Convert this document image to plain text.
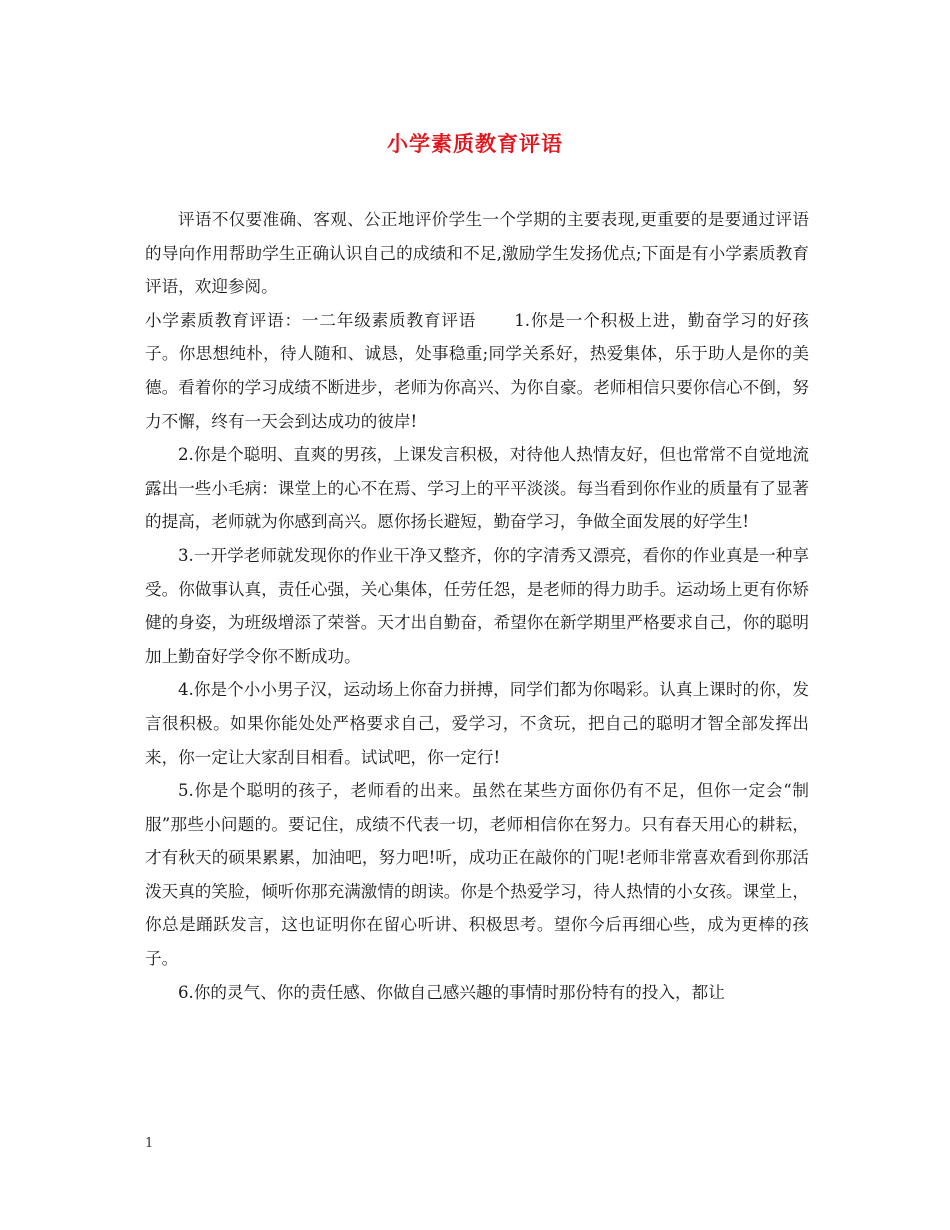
小学素质教育评语

评语不仅要准确、客观、公正地评价学生一个学期的主要表现,更重要的是要通过评语的导向作用帮助学生正确认识自己的成绩和不足,激励学生发扬优点;下面是有小学素质教育评语，欢迎参阅。

小学素质教育评语：一二年级素质教育评语 1.你是一个积极上进，勤奋学习的好孩子。你思想纯朴，待人随和、诚恳，处事稳重;同学关系好，热爱集体，乐于助人是你的美德。看着你的学习成绩不断进步，老师为你高兴、为你自豪。老师相信只要你信心不倒，努力不懈，终有一天会到达成功的彼岸!

2.你是个聪明、直爽的男孩，上课发言积极，对待他人热情友好，但也常常不自觉地流露出一些小毛病：课堂上的心不在焉、学习上的平平淡淡。每当看到你作业的质量有了显著的提高，老师就为你感到高兴。愿你扬长避短，勤奋学习，争做全面发展的好学生!

3.一开学老师就发现你的作业干净又整齐，你的字清秀又漂亮，看你的作业真是一种享受。你做事认真，责任心强，关心集体，任劳任怨，是老师的得力助手。运动场上更有你矫健的身姿，为班级增添了荣誉。天才出自勤奋，希望你在新学期里严格要求自己，你的聪明加上勤奋好学令你不断成功。

4.你是个小小男子汉，运动场上你奋力拼搏，同学们都为你喝彩。认真上课时的你，发言很积极。如果你能处处严格要求自己，爱学习，不贪玩，把自己的聪明才智全部发挥出来，你一定让大家刮目相看。试试吧，你一定行!

5.你是个聪明的孩子，老师看的出来。虽然在某些方面你仍有不足，但你一定会“制服”那些小问题的。要记住，成绩不代表一切，老师相信你在努力。只有春天用心的耕耘，才有秋天的硕果累累，加油吧，努力吧!听，成功正在敲你的门呢!老师非常喜欢看到你那活泼天真的笑脸，倾听你那充满激情的朗读。你是个热爱学习，待人热情的小女孩。课堂上，你总是踊跃发言，这也证明你在留心听讲、积极思考。望你今后再细心些，成为更棒的孩子。

6.你的灵气、你的责任感、你做自己感兴趣的事情时那份特有的投入，都让

1
